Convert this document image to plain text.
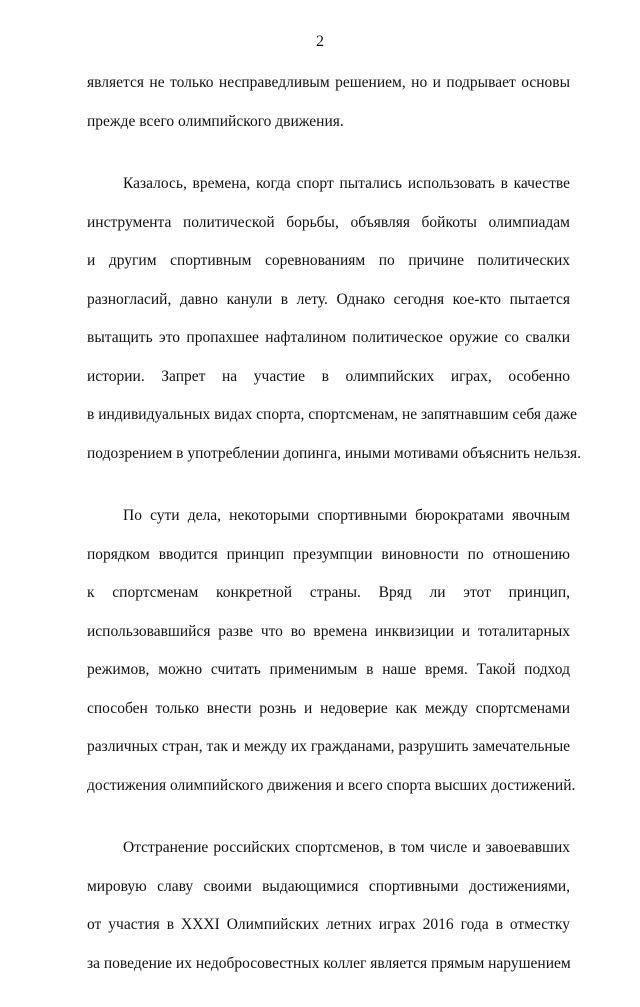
2
является не только несправедливым решением, но и подрывает основы
прежде всего олимпийского движения.
Казалось, времена, когда спорт пытались использовать в качестве
инструмента политической борьбы, объявляя бойкоты олимпиадам
и другим спортивным соревнованиям по причине политических
разногласий, давно канули в лету. Однако сегодня кое-кто пытается
вытащить это пропахшее нафталином политическое оружие со свалки
истории. Запрет на участие в олимпийских играх, особенно
в индивидуальных видах спорта, спортсменам, не запятнавшим себя даже
подозрением в употреблении допинга, иными мотивами объяснить нельзя.
По сути дела, некоторыми спортивными бюрократами явочным
порядком вводится принцип презумпции виновности по отношению
к спортсменам конкретной страны. Вряд ли этот принцип,
использовавшийся разве что во времена инквизиции и тоталитарных
режимов, можно считать применимым в наше время. Такой подход
способен только внести рознь и недоверие как между спортсменами
различных стран, так и между их гражданами, разрушить замечательные
достижения олимпийского движения и всего спорта высших достижений.
Отстранение российских спортсменов, в том числе и завоевавших
мировую славу своими выдающимися спортивными достижениями,
от участия в XXXI Олимпийских летних играх 2016 года в отместку
за поведение их недобросовестных коллег является прямым нарушением
